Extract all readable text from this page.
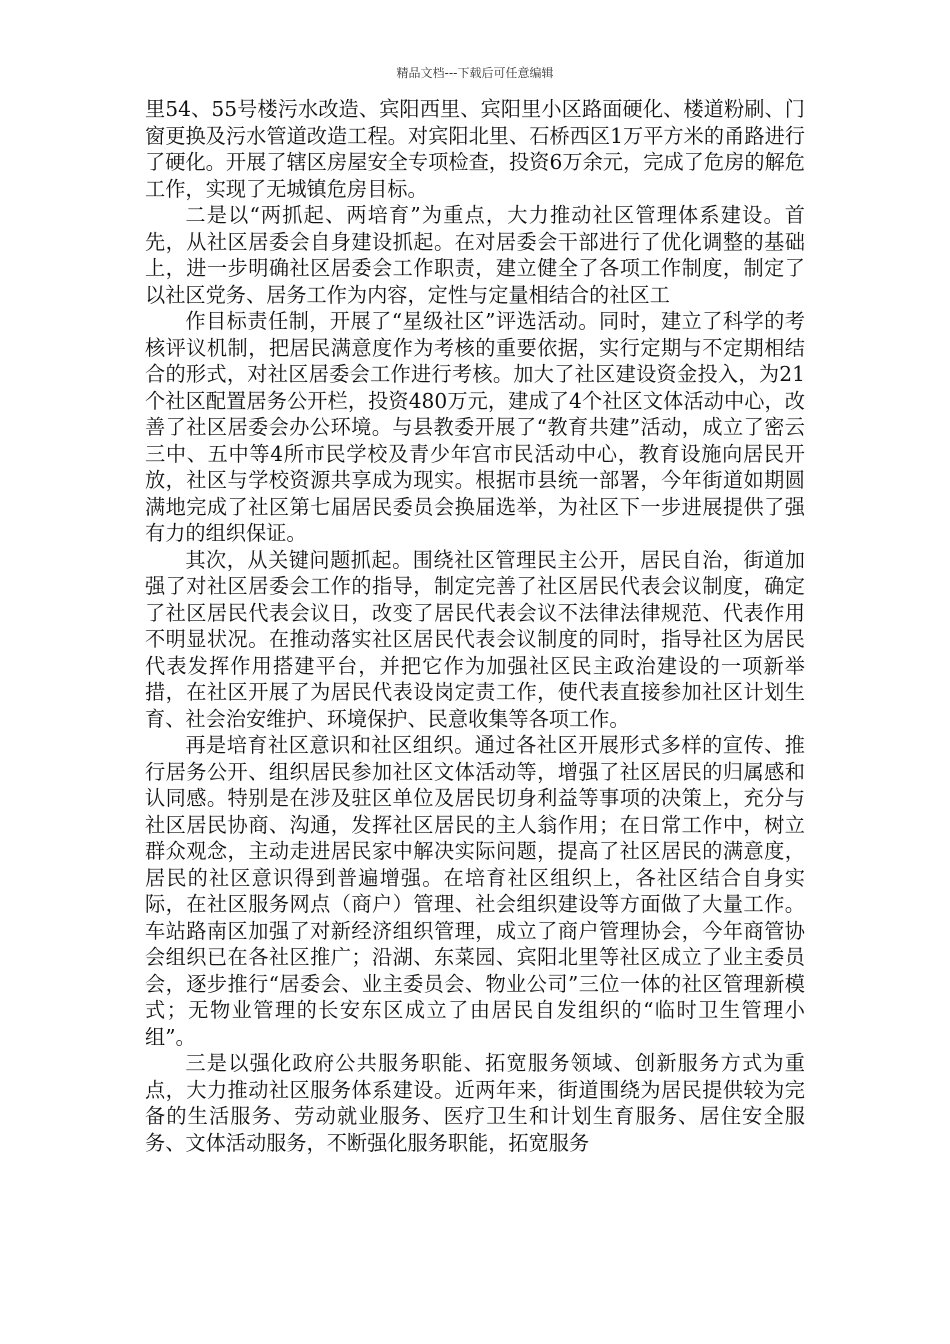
精品文档---下载后可任意编辑

里54、55号楼污水改造、宾阳西里、宾阳里小区路面硬化、楼道粉刷、门窗更换及污水管道改造工程。对宾阳北里、石桥西区1万平方米的甬路进行了硬化。开展了辖区房屋安全专项检查，投资6万余元，完成了危房的解危工作，实现了无城镇危房目标。

二是以“两抓起、两培育”为重点，大力推动社区管理体系建设。首先，从社区居委会自身建设抓起。在对居委会干部进行了优化调整的基础上，进一步明确社区居委会工作职责，建立健全了各项工作制度，制定了以社区党务、居务工作为内容，定性与定量相结合的社区工

作目标责任制，开展了“星级社区”评选活动。同时，建立了科学的考核评议机制，把居民满意度作为考核的重要依据，实行定期与不定期相结合的形式，对社区居委会工作进行考核。加大了社区建设资金投入，为21个社区配置居务公开栏，投资480万元，建成了4个社区文体活动中心，改善了社区居委会办公环境。与县教委开展了“教育共建”活动，成立了密云三中、五中等4所市民学校及青少年宫市民活动中心，教育设施向居民开放，社区与学校资源共享成为现实。根据市县统一部署，今年街道如期圆满地完成了社区第七届居民委员会换届选举，为社区下一步进展提供了强有力的组织保证。

其次，从关键问题抓起。围绕社区管理民主公开，居民自治，街道加强了对社区居委会工作的指导，制定完善了社区居民代表会议制度，确定了社区居民代表会议日，改变了居民代表会议不法律法律规范、代表作用不明显状况。在推动落实社区居民代表会议制度的同时，指导社区为居民代表发挥作用搭建平台，并把它作为加强社区民主政治建设的一项新举措，在社区开展了为居民代表设岗定责工作，使代表直接参加社区计划生育、社会治安维护、环境保护、民意收集等各项工作。

再是培育社区意识和社区组织。通过各社区开展形式多样的宣传、推行居务公开、组织居民参加社区文体活动等，增强了社区居民的归属感和认同感。特别是在涉及驻区单位及居民切身利益等事项的决策上，充分与社区居民协商、沟通，发挥社区居民的主人翁作用；在日常工作中，树立群众观念，主动走进居民家中解决实际问题，提高了社区居民的满意度，居民的社区意识得到普遍增强。在培育社区组织上，各社区结合自身实际，在社区服务网点（商户）管理、社会组织建设等方面做了大量工作。车站路南区加强了对新经济组织管理，成立了商户管理协会，今年商管协会组织已在各社区推广；沿湖、东菜园、宾阳北里等社区成立了业主委员会，逐步推行“居委会、业主委员会、物业公司”三位一体的社区管理新模式；无物业管理的长安东区成立了由居民自发组织的“临时卫生管理小组”。

三是以强化政府公共服务职能、拓宽服务领域、创新服务方式为重点，大力推动社区服务体系建设。近两年来，街道围绕为居民提供较为完备的生活服务、劳动就业服务、医疗卫生和计划生育服务、居住安全服务、文体活动服务，不断强化服务职能，拓宽服务
